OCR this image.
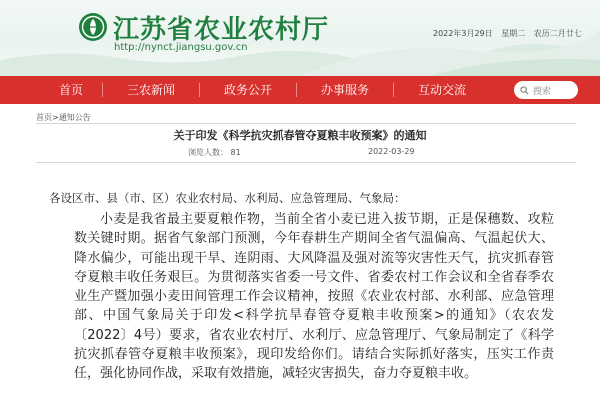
江苏省农业农村厅
http://nynct.jiangsu.gov.cn
2022年3月29日 星期二 农历二月廿七
首页	三农新闻	政务公开	办事服务	互动交流	搜索
首页>通知公告
关于印发《科学抗灾抓春管夺夏粮丰收预案》的通知
浏览人数： 81	2022-03-29
各设区市、县（市、区）农业农村局、水利局、应急管理局、气象局：

小麦是我省最主要夏粮作物，当前全省小麦已进入拔节期，正是保穗数、攻粒数关键时期。据省气象部门预测，今年春耕生产期间全省气温偏高、气温起伏大、降水偏少，可能出现干旱、连阴雨、大风降温及强对流等灾害性天气，抗灾抓春管夺夏粮丰收任务艰巨。为贯彻落实省委一号文件、省委农村工作会议和全省春季农业生产暨加强小麦田间管理工作会议精神，按照《农业农村部、水利部、应急管理部、中国气象局关于印发<科学抗旱春管夺夏粮丰收预案>的通知》（农农发〔2022〕4号）要求，省农业农村厅、水利厅、应急管理厅、气象局制定了《科学抗灾抓春管夺夏粮丰收预案》，现印发给你们。请结合实际抓好落实，压实工作责任，强化协同作战，采取有效措施，减轻灾害损失，奋力夺夏粮丰收。
